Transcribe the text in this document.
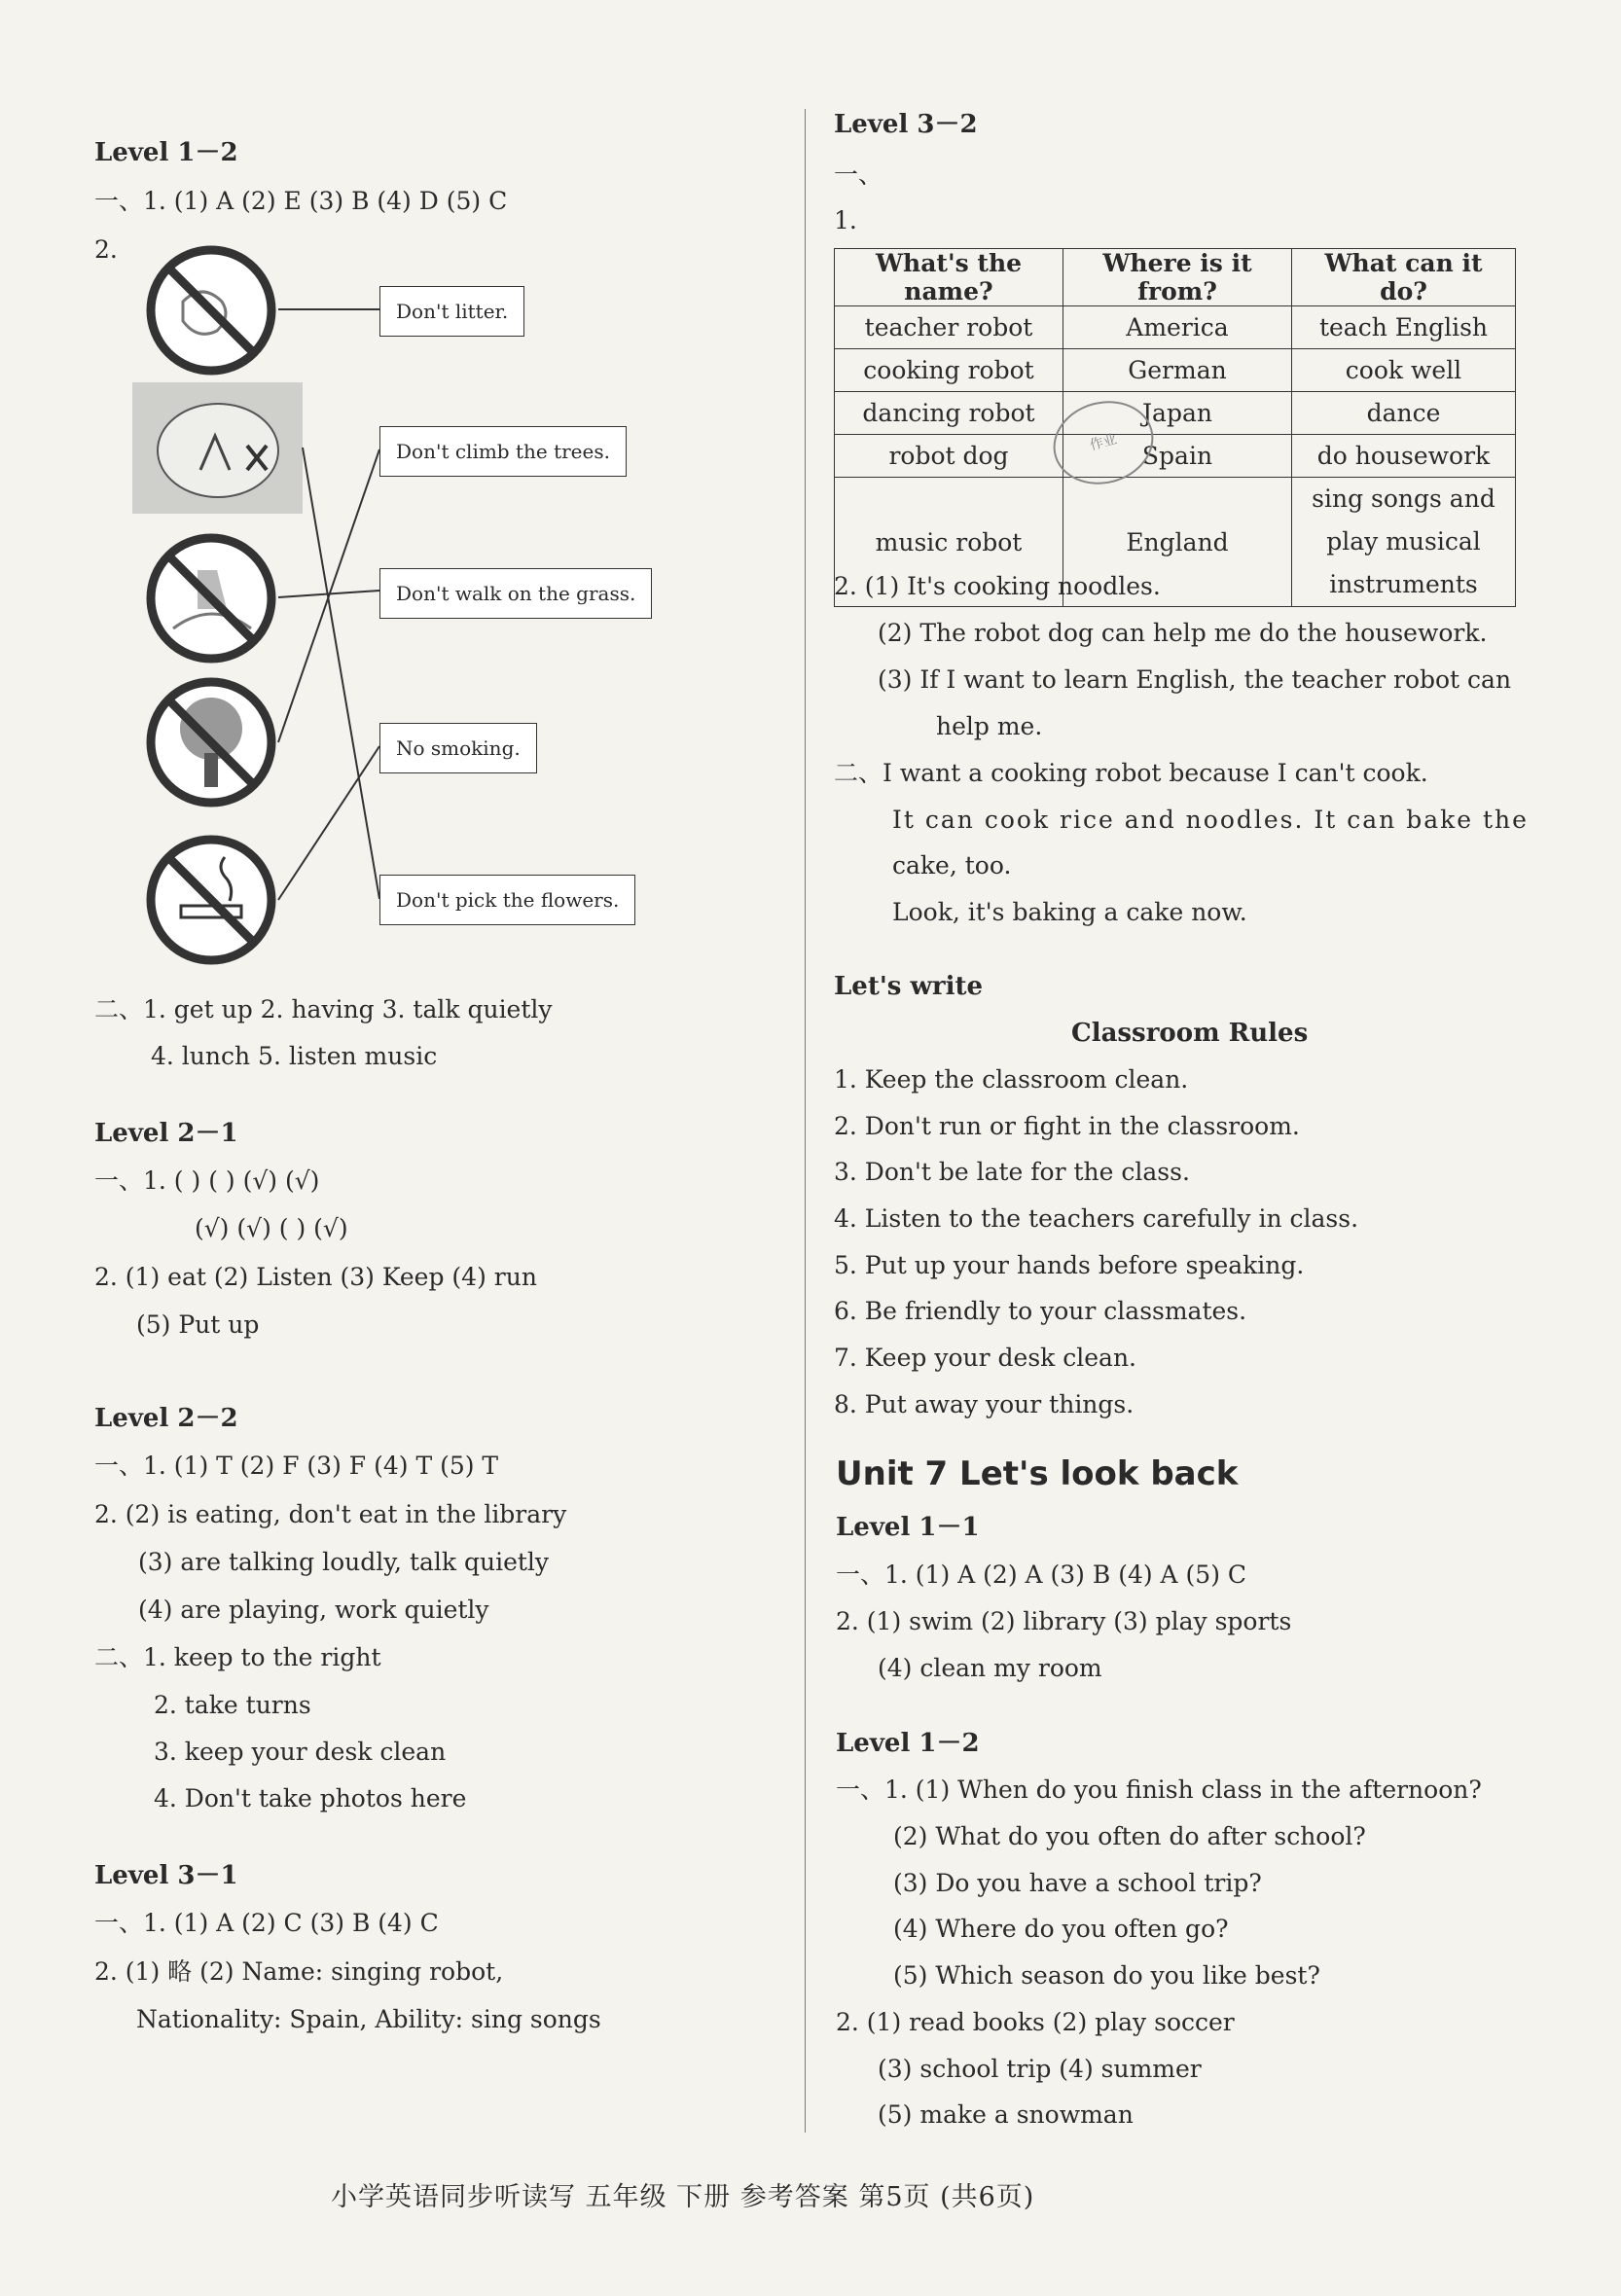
Level 1－2
一、1. (1) A (2) E (3) B (4) D (5) C
2.
Don't litter.
Don't climb the trees.
Don't walk on the grass.
No smoking.
Don't pick the flowers.
二、1. get up 2. having 3. talk quietly
4. lunch 5. listen music
Level 2－1
一、1. ( ) ( ) (√) (√)
(√) (√) ( ) (√)
2. (1) eat (2) Listen (3) Keep (4) run
(5) Put up
Level 2－2
一、1. (1) T (2) F (3) F (4) T (5) T
2. (2) is eating, don't eat in the library
(3) are talking loudly, talk quietly
(4) are playing, work quietly
二、1. keep to the right
2. take turns
3. keep your desk clean
4. Don't take photos here
Level 3－1
一、1. (1) A (2) C (3) B (4) C
2. (1) 略 (2) Name: singing robot,
Nationality: Spain, Ability: sing songs
Level 3－2
一、
1.
What's the name?	Where is it from?	What can it do?
teacher robot	America	teach English
cooking robot	German	cook well
dancing robot	Japan	dance
robot dog	Spain	do housework
music robot	England	sing songs and play musical instruments
作业
2. (1) It's cooking noodles.
(2) The robot dog can help me do the housework.
(3) If I want to learn English, the teacher robot can
help me.
二、I want a cooking robot because I can't cook.
It can cook rice and noodles. It can bake the
cake, too.
Look, it's baking a cake now.
Let's write
Classroom Rules
1. Keep the classroom clean.
2. Don't run or fight in the classroom.
3. Don't be late for the class.
4. Listen to the teachers carefully in class.
5. Put up your hands before speaking.
6. Be friendly to your classmates.
7. Keep your desk clean.
8. Put away your things.
Unit 7 Let's look back
Level 1－1
一、1. (1) A (2) A (3) B (4) A (5) C
2. (1) swim (2) library (3) play sports
(4) clean my room
Level 1－2
一、1. (1) When do you finish class in the afternoon?
(2) What do you often do after school?
(3) Do you have a school trip?
(4) Where do you often go?
(5) Which season do you like best?
2. (1) read books (2) play soccer
(3) school trip (4) summer
(5) make a snowman
小学英语同步听读写 五年级 下册 参考答案 第5页 (共6页)
